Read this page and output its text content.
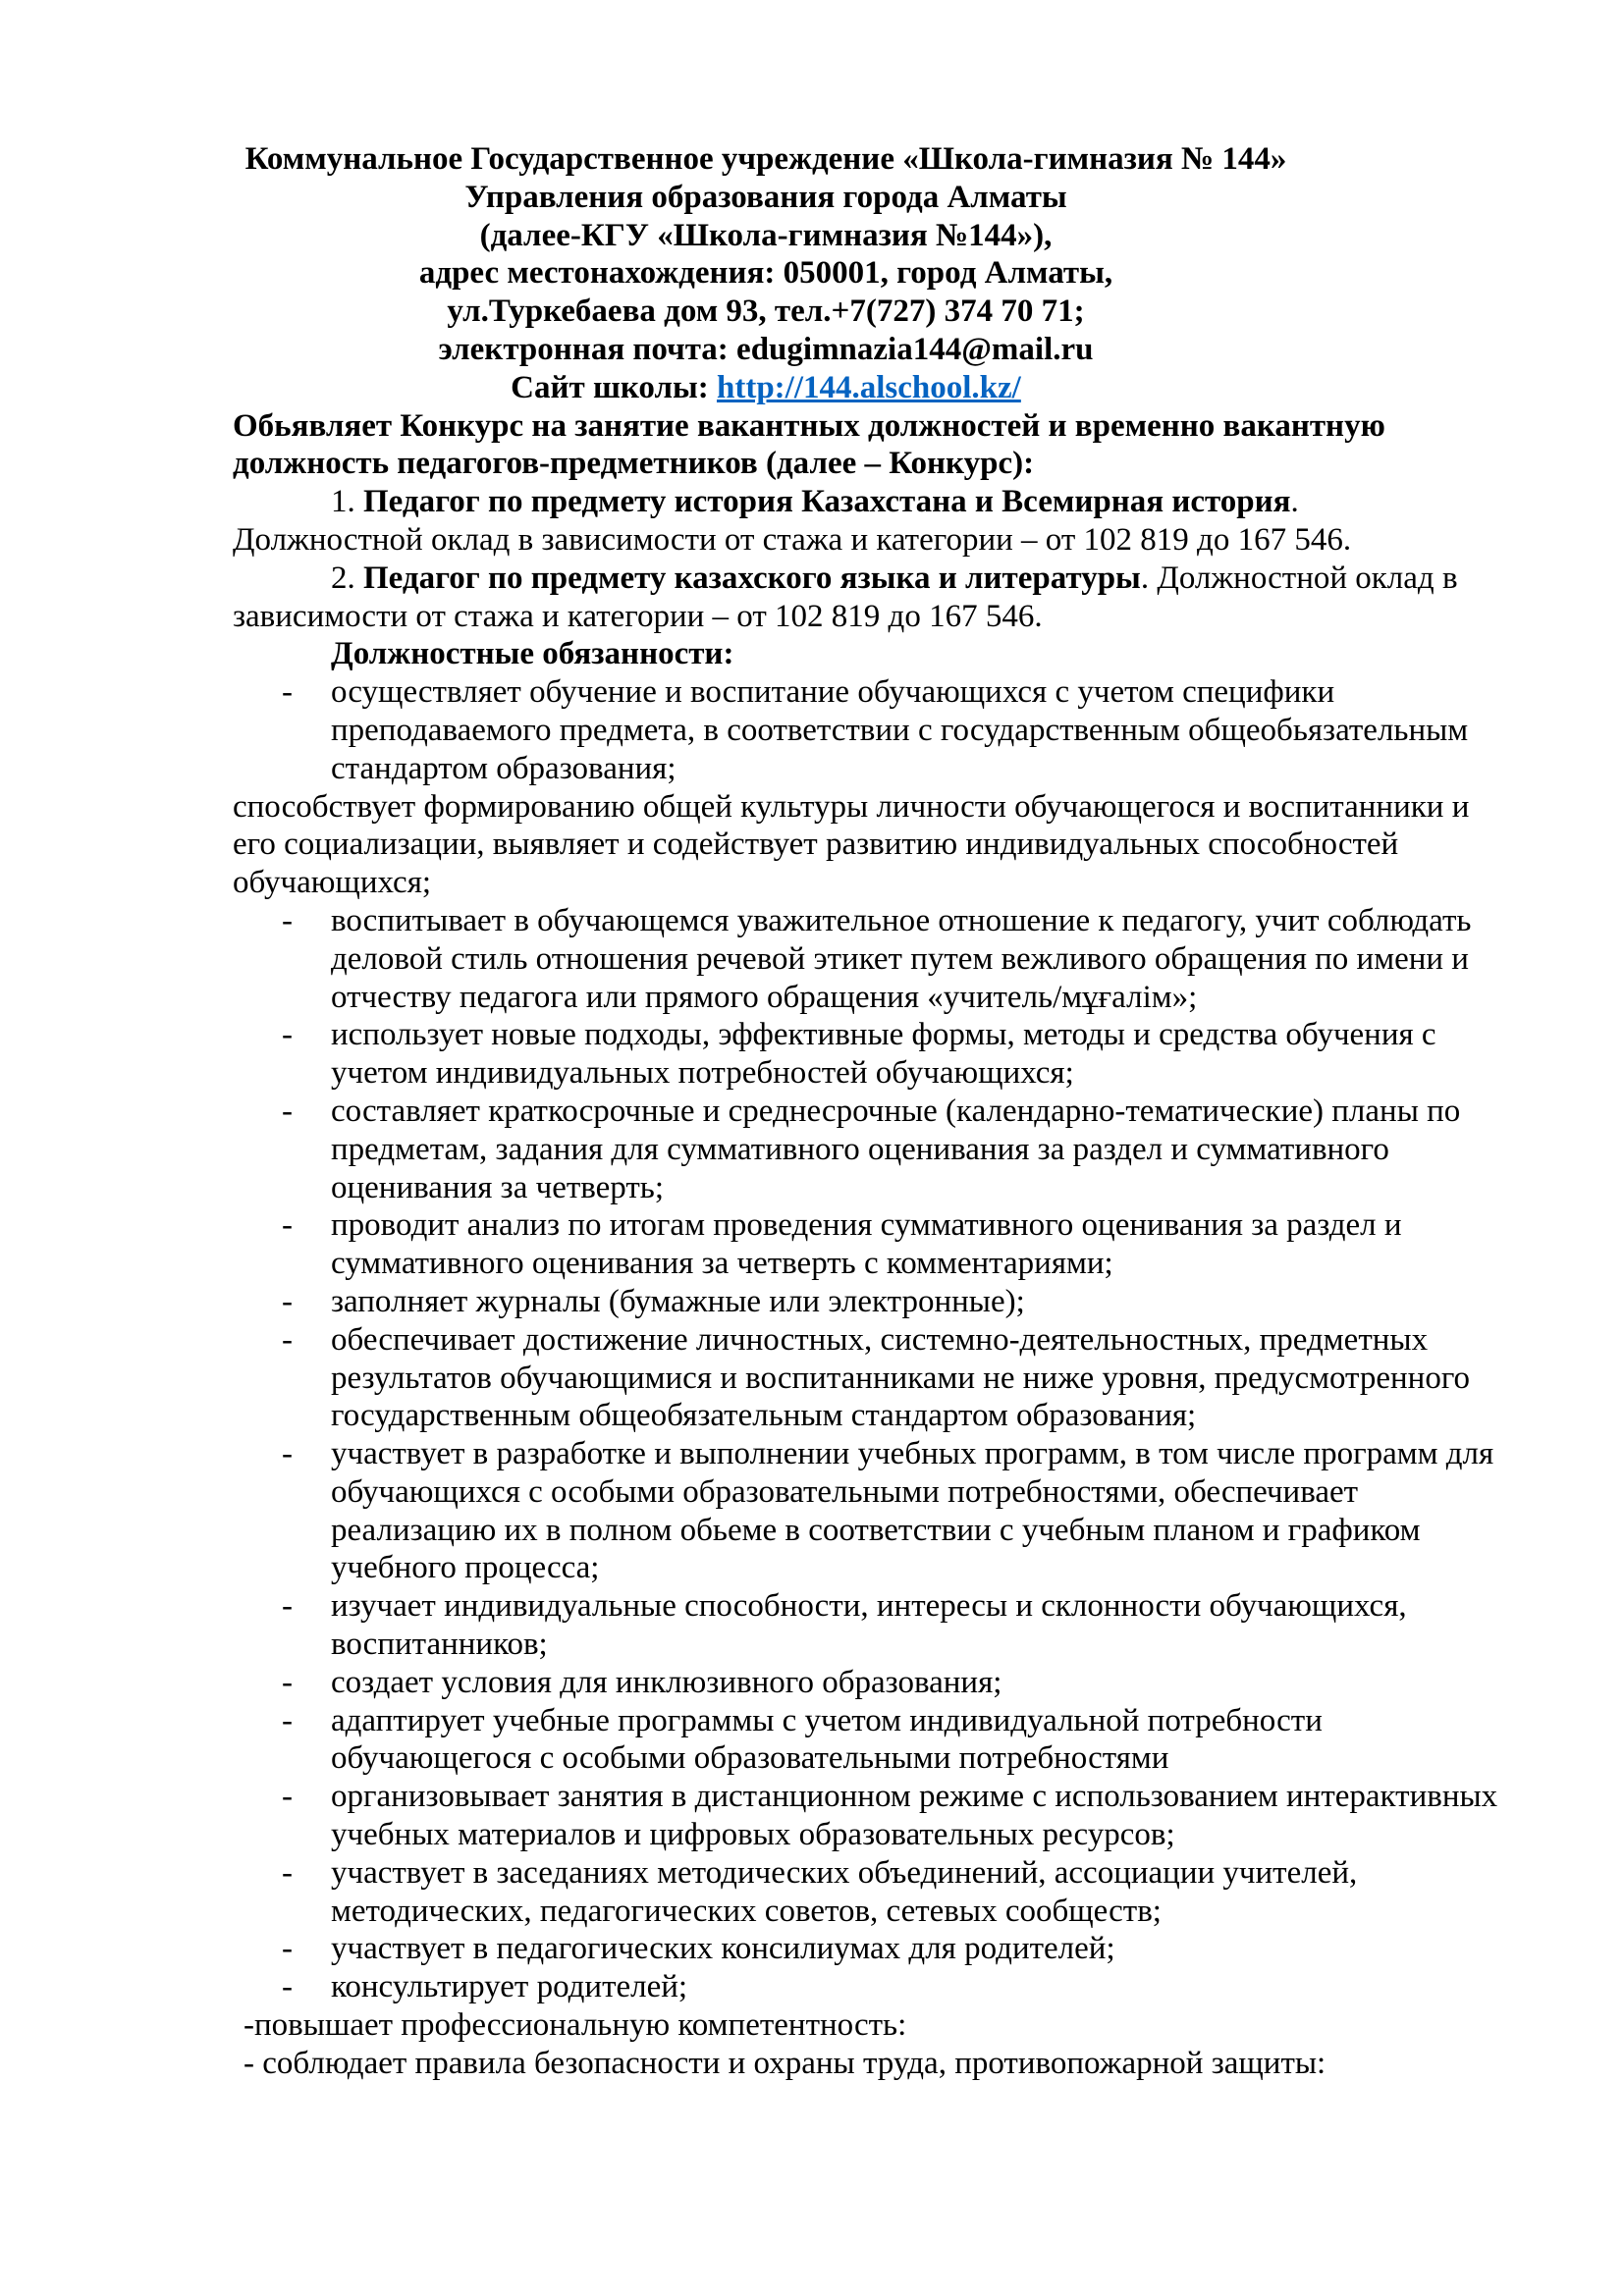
Коммунальное Государственное учреждение «Школа-гимназия № 144»
Управления образования города Алматы
(далее-КГУ «Школа-гимназия №144»),
адрес местонахождения: 050001, город Алматы,
ул.Туркебаева дом 93, тел.+7(727) 374 70 71;
электронная почта: edugimnazia144@mail.ru
Сайт школы: http://144.alschool.kz/

Обьявляет Конкурс на занятие вакантных должностей и временно вакантную должность педагогов-предметников (далее – Конкурс):

1. Педагог по предмету история Казахстана и Всемирная история.

Должностной оклад в зависимости от стажа и категории – от 102 819 до 167 546.

2. Педагог по предмету казахского языка и литературы. Должностной оклад в зависимости от стажа и категории – от 102 819 до 167 546.

Должностные обязанности:

- осуществляет обучение и воспитание обучающихся с учетом специфики преподаваемого предмета, в соответствии с государственным общеобьязательным стандартом образования;
способствует формированию общей культуры личности обучающегося и воспитанники и его социализации, выявляет и содействует развитию индивидуальных способностей обучающихся;
- воспитывает в обучающемся уважительное отношение к педагогу, учит соблюдать деловой стиль отношения речевой этикет путем вежливого обращения по имени и отчеству педагога или прямого обращения «учитель/мұғалім»;
- использует новые подходы, эффективные формы, методы и средства обучения с учетом индивидуальных потребностей обучающихся;
- составляет краткосрочные и среднесрочные (календарно-тематические) планы по предметам, задания для суммативного оценивания за раздел и суммативного оценивания за четверть;
- проводит анализ по итогам проведения суммативного оценивания за раздел и суммативного оценивания за четверть с комментариями;
- заполняет журналы (бумажные или электронные);
- обеспечивает достижение личностных, системно-деятельностных, предметных результатов обучающимися и воспитанниками не ниже уровня, предусмотренного государственным общеобязательным стандартом образования;
- участвует в разработке и выполнении учебных программ, в том числе программ для обучающихся с особыми образовательными потребностями, обеспечивает реализацию их в полном обьеме в соответствии с учебным планом и графиком учебного процесса;
- изучает индивидуальные способности, интересы и склонности обучающихся, воспитанников;
- создает условия для инклюзивного образования;
- адаптирует учебные программы с учетом индивидуальной потребности обучающегося с особыми образовательными потребностями
- организовывает занятия в дистанционном режиме с использованием интерактивных учебных материалов и цифровых образовательных ресурсов;
- участвует в заседаниях методических объединений, ассоциации учителей, методических, педагогических советов, сетевых сообществ;
- участвует в педагогических консилиумах для родителей;
- консультирует родителей;
-повышает профессиональную компетентность:
- соблюдает правила безопасности и охраны труда, противопожарной защиты:
